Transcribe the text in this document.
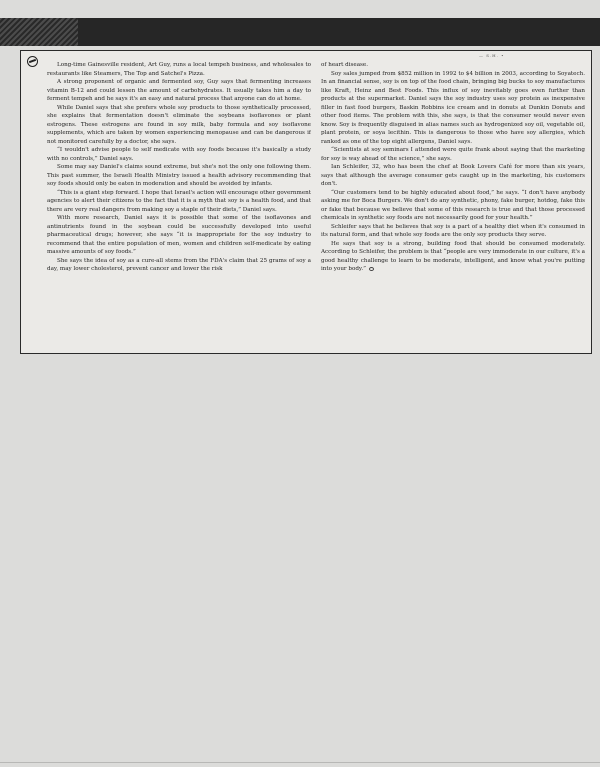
— S.H. •

Long-time Gainesville resident, Art Guy, runs a local tempeh business, and wholesales to restaurants like Steamers, The Top and Satchel's Pizza.

A strong proponent of organic and fermented soy, Guy says that fermenting increases vitamin B-12 and could lessen the amount of carbohydrates. It usually takes him a day to ferment tempeh and he says it's an easy and natural process that anyone can do at home.

While Daniel says that she prefers whole soy products to those synthetically processed, she explains that fermentation doesn't eliminate the soybeans isoflavones or plant estrogens. These estrogens are found in soy milk, baby formula and soy isoflavone supplements, which are taken by women experiencing menopause and can be dangerous if not monitored carefully by a doctor, she says.

“I wouldn't advise people to self medicate with soy foods because it's basically a study with no controls,” Daniel says.

Some may say Daniel's claims sound extreme, but she's not the only one following them. This past summer, the Israeli Health Ministry issued a health advisory recommending that soy foods should only be eaten in moderation and should be avoided by infants.

“This is a giant step forward. I hope that Israel's action will encourage other government agencies to alert their citizens to the fact that it is a myth that soy is a health food, and that there are very real dangers from making soy a staple of their diets,” Daniel says.

With more research, Daniel says it is possible that some of the isoflavones and antinutrients found in the soybean could be successfully developed into useful pharmaceutical drugs; however, she says “it is inappropriate for the soy industry to recommend that the entire population of men, women and children self-medicate by eating massive amounts of soy foods.”

She says the idea of soy as a cure-all stems from the FDA's claim that 25 grams of soy a day, may lower cholesterol, prevent cancer and lower the risk

of heart disease.

Soy sales jumped from $852 million in 1992 to $4 billion in 2003, according to Soyatech. In an financial sense, soy is on top of the food chain, bringing big bucks to soy manufactures like Kraft, Heinz and Best Foods. This influx of soy inevitably goes even further than products at the supermarket. Daniel says the soy industry uses soy protein as inexpensive filler in fast food burgers, Baskin Robbins ice cream and in donuts at Dunkin Donuts and other food items. The problem with this, she says, is that the consumer would never even know. Soy is frequently disguised in alias names such as hydrogenized soy oil, vegetable oil, plant protein, or soya lecithin. This is dangerous to those who have soy allergies, which ranked as one of the top eight allergens, Daniel says.

“Scientists at soy seminars I attended were quite frank about saying that the marketing for soy is way ahead of the science,” she says.

Ian Schleifer, 32, who has been the chef at Book Lovers Café for more than six years, says that although the average consumer gets caught up in the marketing, his customers don't.

“Our customers tend to be highly educated about food,” he says. “I don't have anybody asking me for Boca Burgers. We don't do any synthetic, phony, fake burger, hotdog, fake this or fake that because we believe that some of this research is true and that those processed chemicals in synthetic soy foods are not necessarily good for your health.”

Schleifer says that he believes that soy is a part of a healthy diet when it's consumed in its natural form, and that whole soy foods are the only soy products they serve.

He says that soy is a strong, building food that should be consumed moderately. According to Schleifer, the problem is that “people are very immoderate in our culture, it's a good healthy challenge to learn to be moderate, intelligent, and know what you're putting into your body.”
